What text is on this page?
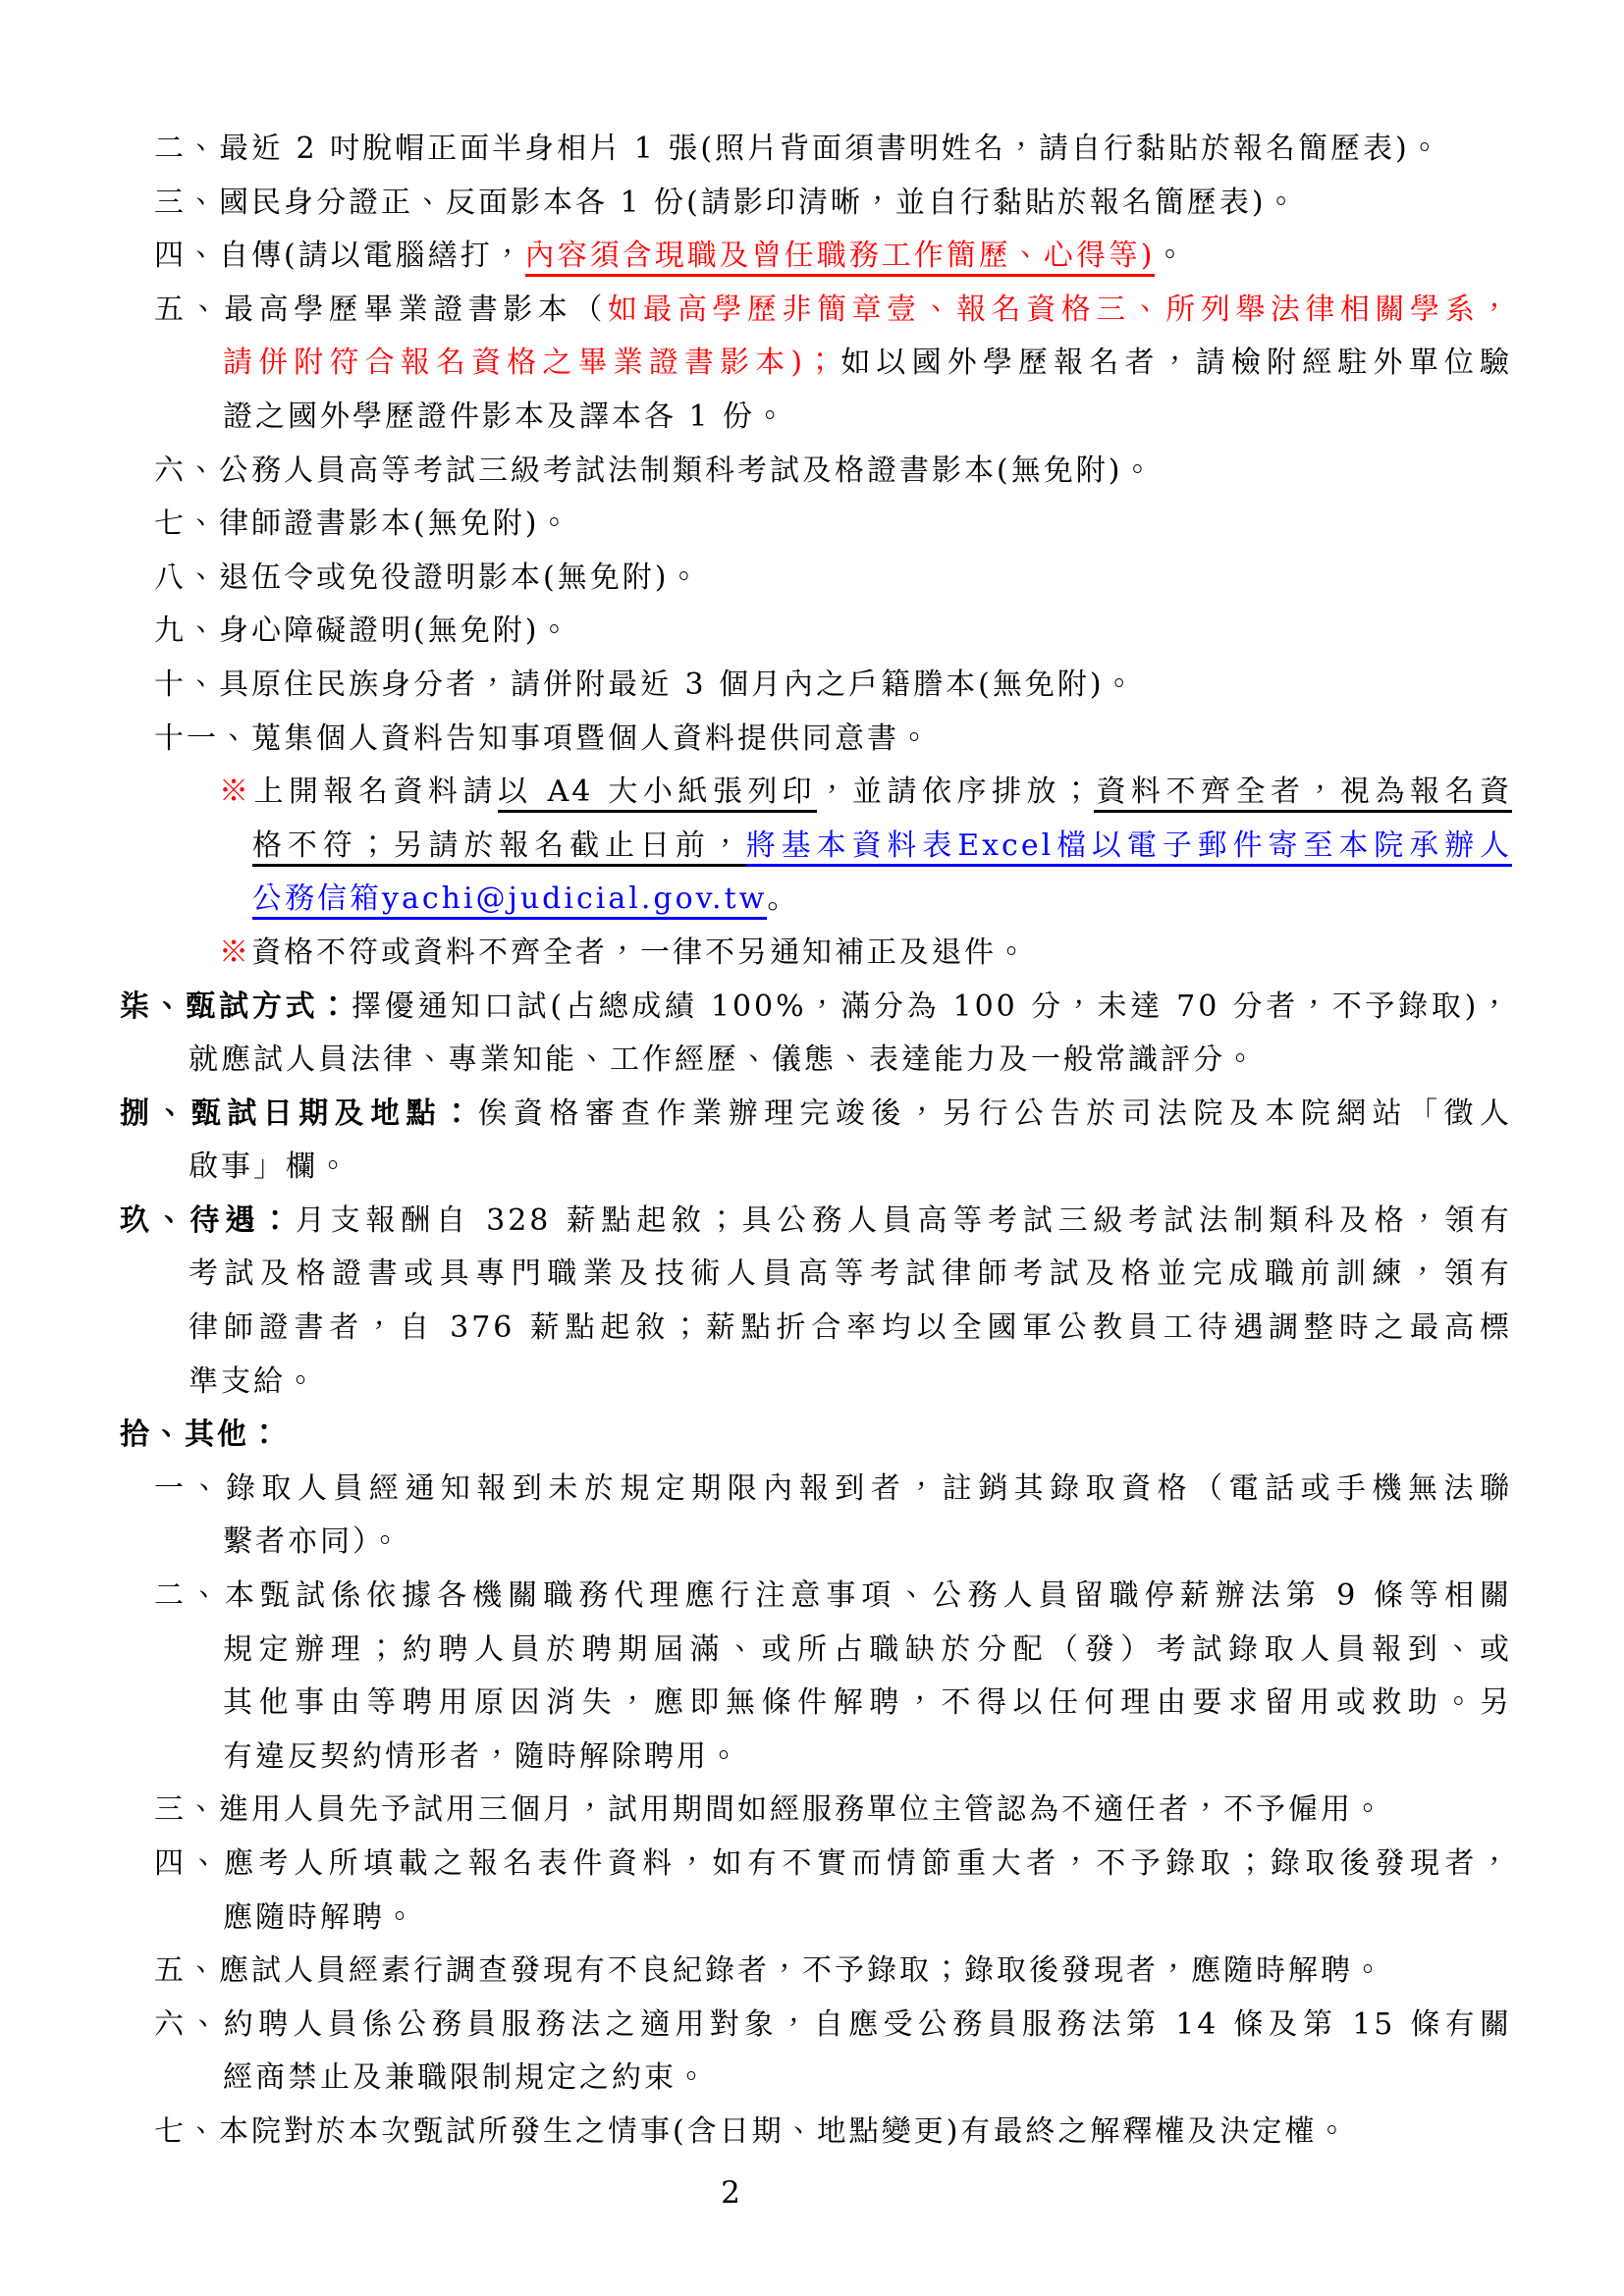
二、最近 2 吋脫帽正面半身相片 1 張(照片背面須書明姓名，請自行黏貼於報名簡歷表)。
三、國民身分證正、反面影本各 1 份(請影印清晰，並自行黏貼於報名簡歷表)。
四、自傳(請以電腦繕打，內容須含現職及曾任職務工作簡歷、心得等)。
五、最高學歷畢業證書影本（如最高學歷非簡章壹、報名資格三、所列舉法律相關學系，
請併附符合報名資格之畢業證書影本)；如以國外學歷報名者，請檢附經駐外單位驗
證之國外學歷證件影本及譯本各 1 份。
六、公務人員高等考試三級考試法制類科考試及格證書影本(無免附)。
七、律師證書影本(無免附)。
八、退伍令或免役證明影本(無免附)。
九、身心障礙證明(無免附)。
十、具原住民族身分者，請併附最近 3 個月內之戶籍謄本(無免附)。
十一、蒐集個人資料告知事項暨個人資料提供同意書。
※上開報名資料請以 A4 大小紙張列印，並請依序排放；資料不齊全者，視為報名資
格不符；另請於報名截止日前，將基本資料表Excel檔以電子郵件寄至本院承辦人
公務信箱yachi@judicial.gov.tw。
※資格不符或資料不齊全者，一律不另通知補正及退件。
柒、甄試方式：擇優通知口試(占總成績 100%，滿分為 100 分，未達 70 分者，不予錄取)，
就應試人員法律、專業知能、工作經歷、儀態、表達能力及一般常識評分。
捌、甄試日期及地點：俟資格審查作業辦理完竣後，另行公告於司法院及本院網站「徵人
啟事」欄。
玖、待遇：月支報酬自 328 薪點起敘；具公務人員高等考試三級考試法制類科及格，領有
考試及格證書或具專門職業及技術人員高等考試律師考試及格並完成職前訓練，領有
律師證書者，自 376 薪點起敘；薪點折合率均以全國軍公教員工待遇調整時之最高標
準支給。
拾、其他：
一、錄取人員經通知報到未於規定期限內報到者，註銷其錄取資格（電話或手機無法聯
繫者亦同）。
二、本甄試係依據各機關職務代理應行注意事項、公務人員留職停薪辦法第 9 條等相關
規定辦理；約聘人員於聘期屆滿、或所占職缺於分配（發）考試錄取人員報到、或
其他事由等聘用原因消失，應即無條件解聘，不得以任何理由要求留用或救助。另
有違反契約情形者，隨時解除聘用。
三、進用人員先予試用三個月，試用期間如經服務單位主管認為不適任者，不予僱用。
四、應考人所填載之報名表件資料，如有不實而情節重大者，不予錄取；錄取後發現者，
應隨時解聘。
五、應試人員經素行調查發現有不良紀錄者，不予錄取；錄取後發現者，應隨時解聘。
六、約聘人員係公務員服務法之適用對象，自應受公務員服務法第 14 條及第 15 條有關
經商禁止及兼職限制規定之約束。
七、本院對於本次甄試所發生之情事(含日期、地點變更)有最終之解釋權及決定權。
2
